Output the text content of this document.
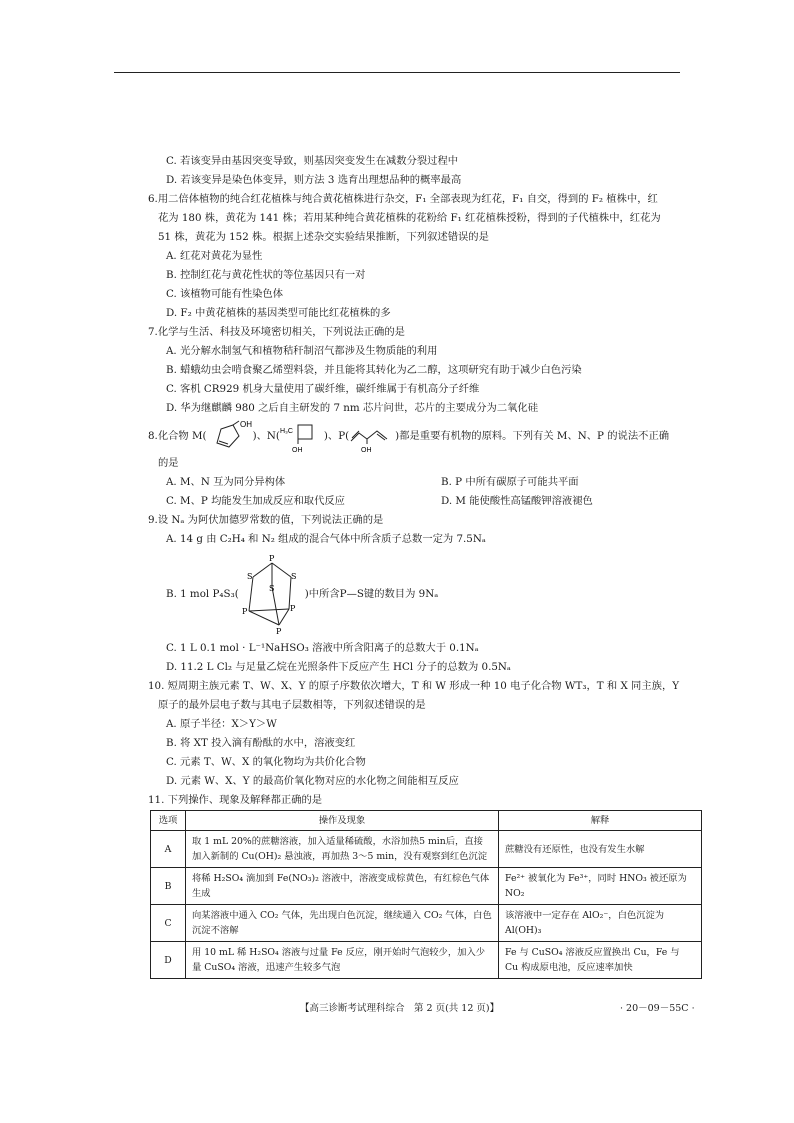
C. 若该变异由基因突变导致，则基因突变发生在减数分裂过程中
D. 若该变异是染色体变异，则方法 3 选育出理想品种的概率最高
6.用二倍体植物的纯合红花植株与纯合黄花植株进行杂交，F₁ 全部表现为红花，F₁ 自交，得到的 F₂ 植株中，红
花为 180 株，黄花为 141 株；若用某种纯合黄花植株的花粉给 F₁ 红花植株授粉，得到的子代植株中，红花为
51 株，黄花为 152 株。根据上述杂交实验结果推断，下列叙述错误的是
A. 红花对黄花为显性
B. 控制红花与黄花性状的等位基因只有一对
C. 该植物可能有性染色体
D. F₂ 中黄花植株的基因类型可能比红花植株的多
7.化学与生活、科技及环境密切相关，下列说法正确的是
A. 光分解水制氢气和植物秸秆制沼气都涉及生物质能的利用
B. 蜡蛾幼虫会啃食聚乙烯塑料袋，并且能将其转化为乙二醇，这项研究有助于减少白色污染
C. 客机 CR929 机身大量使用了碳纤维，碳纤维属于有机高分子纤维
D. 华为继麒麟 980 之后自主研发的 7 nm 芯片问世，芯片的主要成分为二氧化硅
8.化合物 M(
OH
)、N( H₃C
OH
)、P(
OH
)都是重要有机物的原料。下列有关 M、N、P 的说法不正确
的是
A. M、N 互为同分异构体	B. P 中所有碳原子可能共平面
C. M、P 均能发生加成反应和取代反应	D. M 能使酸性高锰酸钾溶液褪色
9.设 Nₐ 为阿伏加德罗常数的值，下列说法正确的是
A. 14 g 由 C₂H₄ 和 N₂ 组成的混合气体中所含质子总数一定为 7.5Nₐ
B. 1 mol P₄S₃(
P
S	S
S
P	P
P
)中所含P—S键的数目为 9Nₐ
C. 1 L 0.1 mol · L⁻¹NaHSO₃ 溶液中所含阳离子的总数大于 0.1Nₐ
D. 11.2 L Cl₂ 与足量乙烷在光照条件下反应产生 HCl 分子的总数为 0.5Nₐ
10. 短周期主族元素 T、W、X、Y 的原子序数依次增大，T 和 W 形成一种 10 电子化合物 WT₃，T 和 X 同主族，Y
原子的最外层电子数与其电子层数相等，下列叙述错误的是
A. 原子半径：X＞Y＞W
B. 将 XT 投入滴有酚酞的水中，溶液变红
C. 元素 T、W、X 的氧化物均为共价化合物
D. 元素 W、X、Y 的最高价氧化物对应的水化物之间能相互反应
11. 下列操作、现象及解释都正确的是
选项	操作及现象	解释
A	取 1 mL 20%的蔗糖溶液，加入适量稀硫酸，水浴加热5 min后，直接加入新制的 Cu(OH)₂ 悬浊液，再加热 3～5 min，没有观察到红色沉淀	蔗糖没有还原性，也没有发生水解
B	将稀 H₂SO₄ 滴加到 Fe(NO₃)₂ 溶液中，溶液变成棕黄色，有红棕色气体生成	Fe²⁺ 被氧化为 Fe³⁺，同时 HNO₃ 被还原为 NO₂
C	向某溶液中通入 CO₂ 气体，先出现白色沉淀，继续通入 CO₂ 气体，白色沉淀不溶解	该溶液中一定存在 AlO₂⁻，白色沉淀为Al(OH)₃
D	用 10 mL 稀 H₂SO₄ 溶液与过量 Fe 反应，刚开始时气泡较少，加入少量 CuSO₄ 溶液，迅速产生较多气泡	Fe 与 CuSO₄ 溶液反应置换出 Cu，Fe 与 Cu 构成原电池，反应速率加快
【高三诊断考试理科综合　第 2 页(共 12 页)】	· 20－09－55C ·
